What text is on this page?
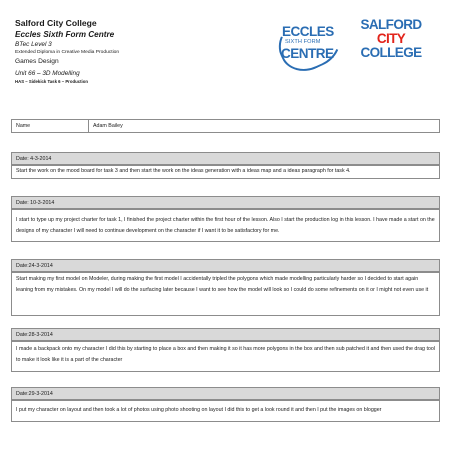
Salford City College
Eccles Sixth Form Centre
BTec Level 3
Extended Diploma in Creative Media Production
Games Design
Unit 66 – 3D Modelling
HAS – Sidekick Task 6 – Production
ECCLES
SIXTH FORM
CENTRE
SALFORD
CITY
COLLEGE
Name	Adam Bailey
Date: 4-3-2014
Start the work on the mood board for task 3 and then start the work on the ideas generation with a ideas map and a ideas paragraph for task 4.
Date: 10-3-2014
I start to type up my project charter for task 1, I finished the project charter within the first hour of the lesson. Also I start the production log in this lesson. I have made a start on the designs of my character I will need to continue development on the character if I want it to be satisfactory for me.
Date:24-3-2014
Start making my first model on Modeler, during making the first model I accidentally tripled the polygons which made modelling particularly harder so I decided to start again leaning from my mistakes. On my model I will do the surfacing later because I want to see how the model will look so I could do some refinements on it or I might not even use it
Date:28-3-2014
I made a backpack onto my character I did this by starting to place a box and then making it so it has more polygons in the box and then sub patched it and then used the drag tool to make it look like it is a part of the character
Date:29-3-2014
I put my character on layout and then took a lot of photos using photo shooting on layout I did this to get a look round it and then I put the images on blogger
